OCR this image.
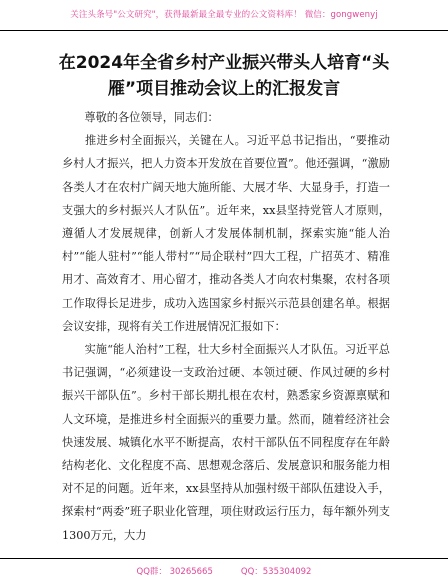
关注头条号"公文研究"，获得最新最全最专业的公文资料库！ 微信：gongwenyj
在2024年全省乡村产业振兴带头人培育“头雁”项目推动会议上的汇报发言

　　尊敬的各位领导，同志们：

　　推进乡村全面振兴，关键在人。习近平总书记指出，“要推动乡村人才振兴，把人力资本开发放在首要位置”。他还强调，“激励各类人才在农村广阔天地大施所能、大展才华、大显身手，打造一支强大的乡村振兴人才队伍”。近年来，xx县坚持党管人才原则，遵循人才发展规律，创新人才发展体制机制，探索实施“能人治村”“能人驻村”“能人带村”“局企联村”四大工程，广招英才、精准用才、高效育才、用心留才，推动各类人才向农村集聚，农村各项工作取得长足进步，成功入选国家乡村振兴示范县创建名单。根据会议安排，现将有关工作进展情况汇报如下：

　　实施“能人治村”工程，壮大乡村全面振兴人才队伍。习近平总书记强调，“必须建设一支政治过硬、本领过硬、作风过硬的乡村振兴干部队伍”。乡村干部长期扎根在农村，熟悉家乡资源禀赋和人文环境，是推进乡村全面振兴的重要力量。然而，随着经济社会快速发展、城镇化水平不断提高，农村干部队伍不同程度存在年龄结构老化、文化程度不高、思想观念落后、发展意识和服务能力相对不足的问题。近年来，xx县坚持从加强村级干部队伍建设入手，探索村“两委”班子职业化管理，项住财政运行压力，每年额外列支1300万元，大力

QQ群： 30265665	QQ：535304092
